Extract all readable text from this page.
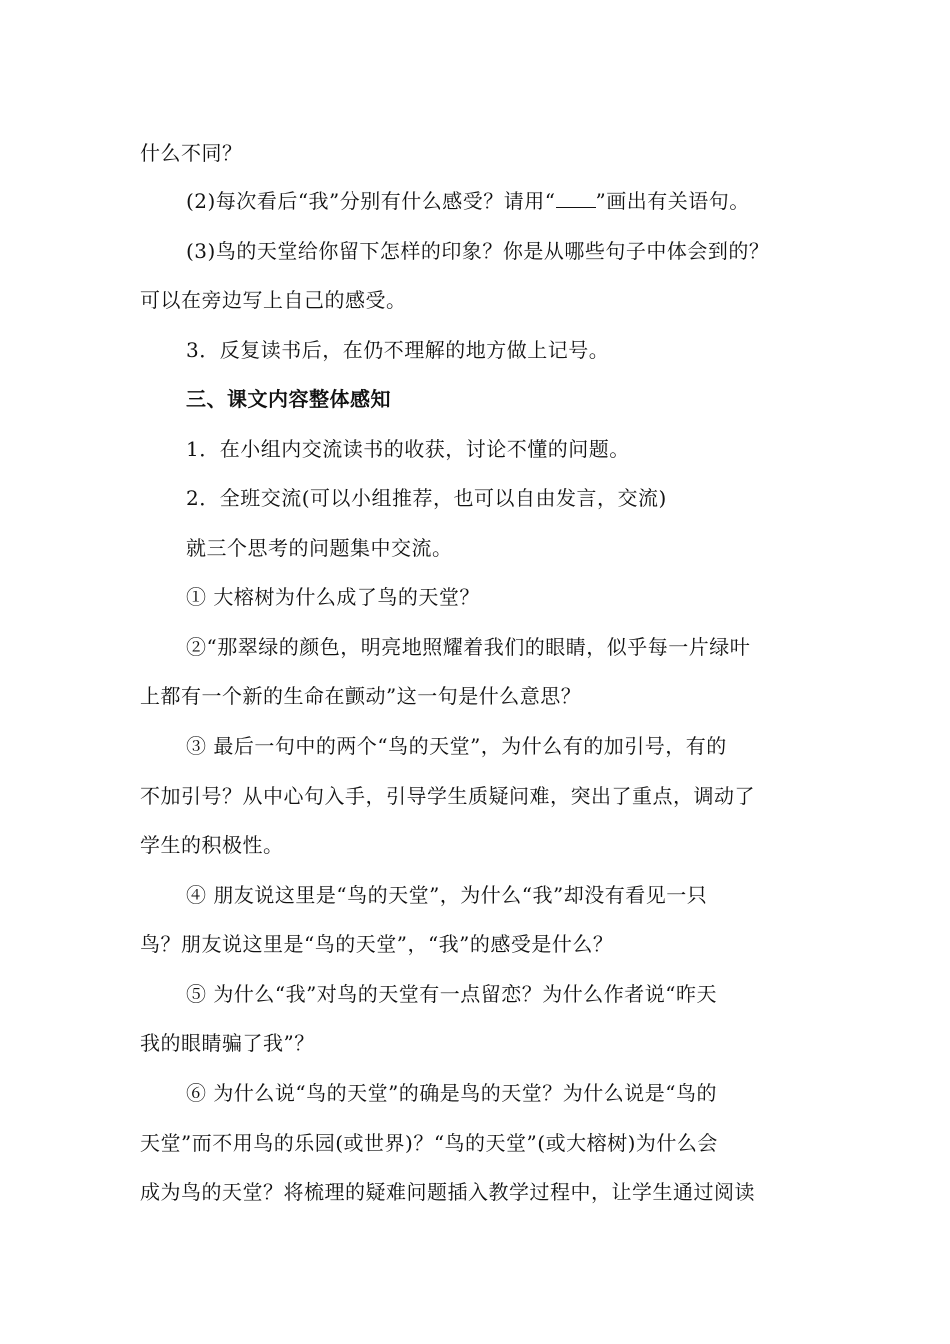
什么不同？
(2)每次看后“我”分别有什么感受？请用“ ”画出有关语句。
(3)鸟的天堂给你留下怎样的印象？你是从哪些句子中体会到的？
可以在旁边写上自己的感受。
3．反复读书后，在仍不理解的地方做上记号。
三、课文内容整体感知
1．在小组内交流读书的收获，讨论不懂的问题。
2．全班交流(可以小组推荐，也可以自由发言，交流)
就三个思考的问题集中交流。
① 大榕树为什么成了鸟的天堂？
②“那翠绿的颜色，明亮地照耀着我们的眼睛，似乎每一片绿叶
上都有一个新的生命在颤动”这一句是什么意思？
③ 最后一句中的两个“鸟的天堂”，为什么有的加引号，有的
不加引号？从中心句入手，引导学生质疑问难，突出了重点，调动了
学生的积极性。
④ 朋友说这里是“鸟的天堂”，为什么“我”却没有看见一只
鸟？朋友说这里是“鸟的天堂”，“我”的感受是什么？
⑤ 为什么“我”对鸟的天堂有一点留恋？为什么作者说“昨天
我的眼睛骗了我”？
⑥ 为什么说“鸟的天堂”的确是鸟的天堂？为什么说是“鸟的
天堂”而不用鸟的乐园(或世界)？“鸟的天堂”(或大榕树)为什么会
成为鸟的天堂？将梳理的疑难问题插入教学过程中，让学生通过阅读
